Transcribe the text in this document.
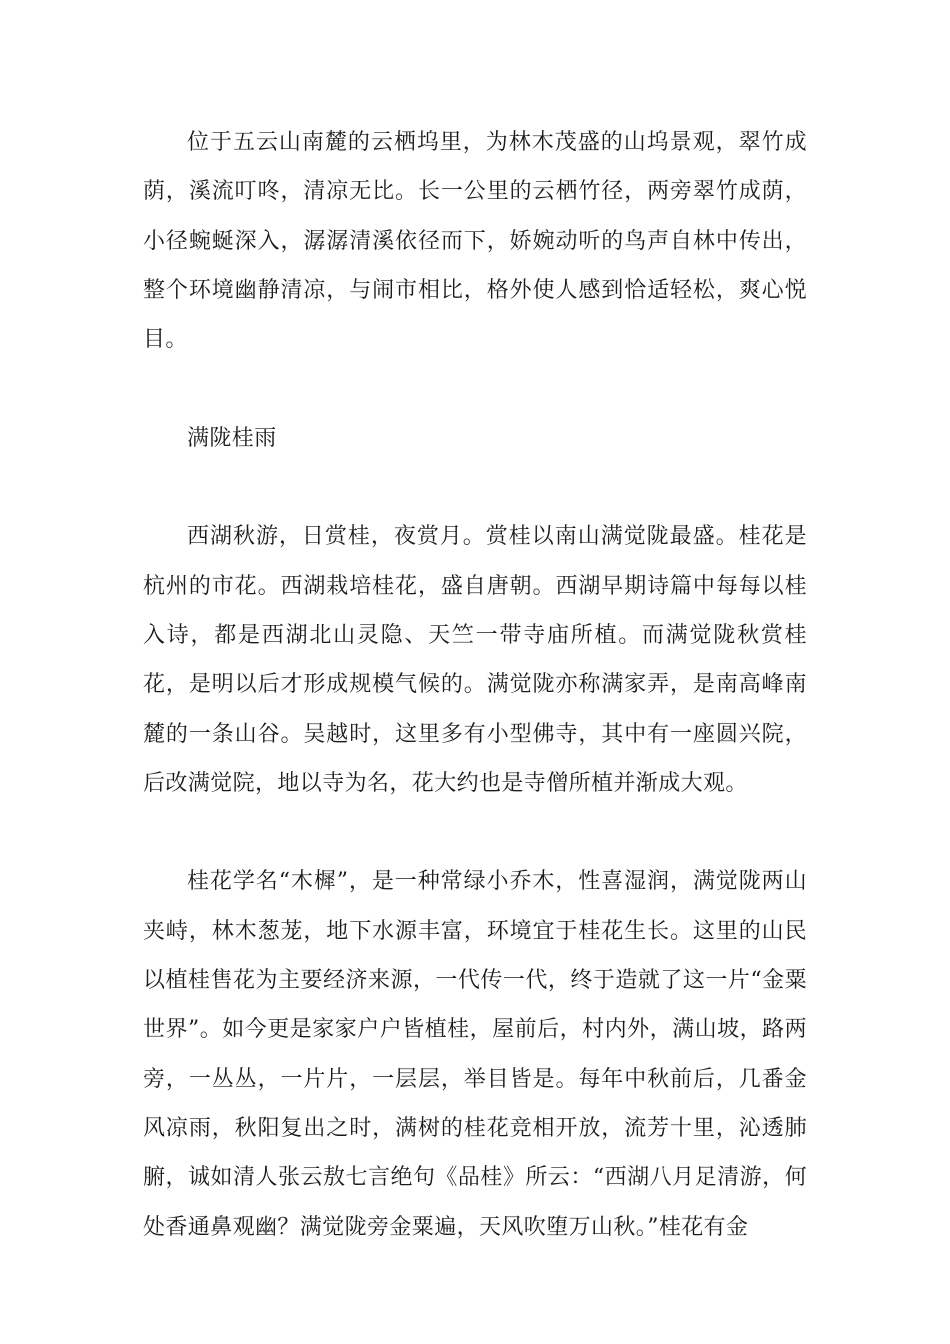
位于五云山南麓的云栖坞里，为林木茂盛的山坞景观，翠竹成荫，溪流叮咚，清凉无比。长一公里的云栖竹径，两旁翠竹成荫，小径蜿蜒深入，潺潺清溪依径而下，娇婉动听的鸟声自林中传出，整个环境幽静清凉，与闹市相比，格外使人感到恰适轻松，爽心悦目。

满陇桂雨

西湖秋游，日赏桂，夜赏月。赏桂以南山满觉陇最盛。桂花是杭州的市花。西湖栽培桂花，盛自唐朝。西湖早期诗篇中每每以桂入诗，都是西湖北山灵隐、天竺一带寺庙所植。而满觉陇秋赏桂花，是明以后才形成规模气候的。满觉陇亦称满家弄，是南高峰南麓的一条山谷。吴越时，这里多有小型佛寺，其中有一座圆兴院，后改满觉院，地以寺为名，花大约也是寺僧所植并渐成大观。

桂花学名“木樨”，是一种常绿小乔木，性喜湿润，满觉陇两山夹峙，林木葱茏，地下水源丰富，环境宜于桂花生长。这里的山民以植桂售花为主要经济来源，一代传一代，终于造就了这一片“金粟世界”。如今更是家家户户皆植桂，屋前后，村内外，满山坡，路两旁，一丛丛，一片片，一层层，举目皆是。每年中秋前后，几番金风凉雨，秋阳复出之时，满树的桂花竞相开放，流芳十里，沁透肺腑，诚如清人张云敖七言绝句《品桂》所云：“西湖八月足清游，何处香通鼻观幽？满觉陇旁金粟遍，天风吹堕万山秋。”桂花有金
